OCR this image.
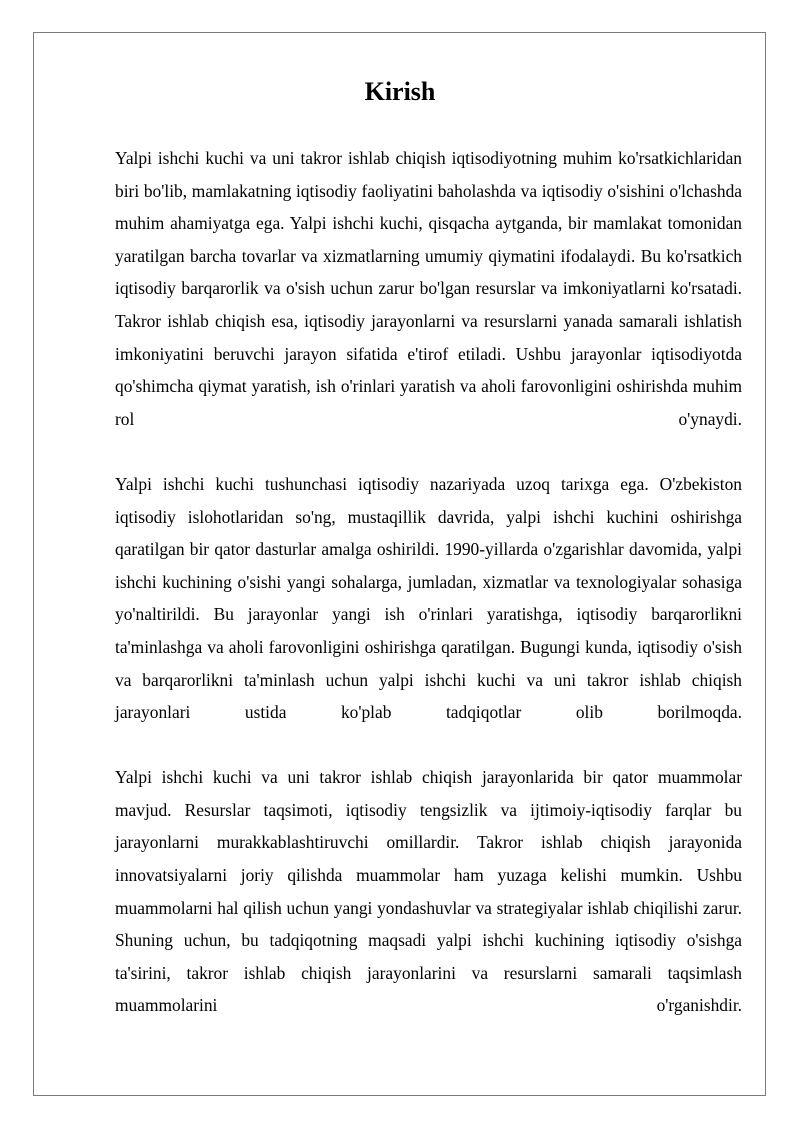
Kirish

Yalpi ishchi kuchi va uni takror ishlab chiqish iqtisodiyotning muhim ko'rsatkichlaridan biri bo'lib, mamlakatning iqtisodiy faoliyatini baholashda va iqtisodiy o'sishini o'lchashda muhim ahamiyatga ega. Yalpi ishchi kuchi, qisqacha aytganda, bir mamlakat tomonidan yaratilgan barcha tovarlar va xizmatlarning umumiy qiymatini ifodalaydi. Bu ko'rsatkich iqtisodiy barqarorlik va o'sish uchun zarur bo'lgan resurslar va imkoniyatlarni ko'rsatadi. Takror ishlab chiqish esa, iqtisodiy jarayonlarni va resurslarni yanada samarali ishlatish imkoniyatini beruvchi jarayon sifatida e'tirof etiladi. Ushbu jarayonlar iqtisodiyotda qo'shimcha qiymat yaratish, ish o'rinlari yaratish va aholi farovonligini oshirishda muhim rol o'ynaydi.

Yalpi ishchi kuchi tushunchasi iqtisodiy nazariyada uzoq tarixga ega. O'zbekiston iqtisodiy islohotlaridan so'ng, mustaqillik davrida, yalpi ishchi kuchini oshirishga qaratilgan bir qator dasturlar amalga oshirildi. 1990-yillarda o'zgarishlar davomida, yalpi ishchi kuchining o'sishi yangi sohalarga, jumladan, xizmatlar va texnologiyalar sohasiga yo'naltirildi. Bu jarayonlar yangi ish o'rinlari yaratishga, iqtisodiy barqarorlikni ta'minlashga va aholi farovonligini oshirishga qaratilgan. Bugungi kunda, iqtisodiy o'sish va barqarorlikni ta'minlash uchun yalpi ishchi kuchi va uni takror ishlab chiqish jarayonlari ustida ko'plab tadqiqotlar olib borilmoqda.

Yalpi ishchi kuchi va uni takror ishlab chiqish jarayonlarida bir qator muammolar mavjud. Resurslar taqsimoti, iqtisodiy tengsizlik va ijtimoiy-iqtisodiy farqlar bu jarayonlarni murakkablashtiruvchi omillardir. Takror ishlab chiqish jarayonida innovatsiyalarni joriy qilishda muammolar ham yuzaga kelishi mumkin. Ushbu muammolarni hal qilish uchun yangi yondashuvlar va strategiyalar ishlab chiqilishi zarur. Shuning uchun, bu tadqiqotning maqsadi yalpi ishchi kuchining iqtisodiy o'sishga ta'sirini, takror ishlab chiqish jarayonlarini va resurslarni samarali taqsimlash muammolarini o'rganishdir.
